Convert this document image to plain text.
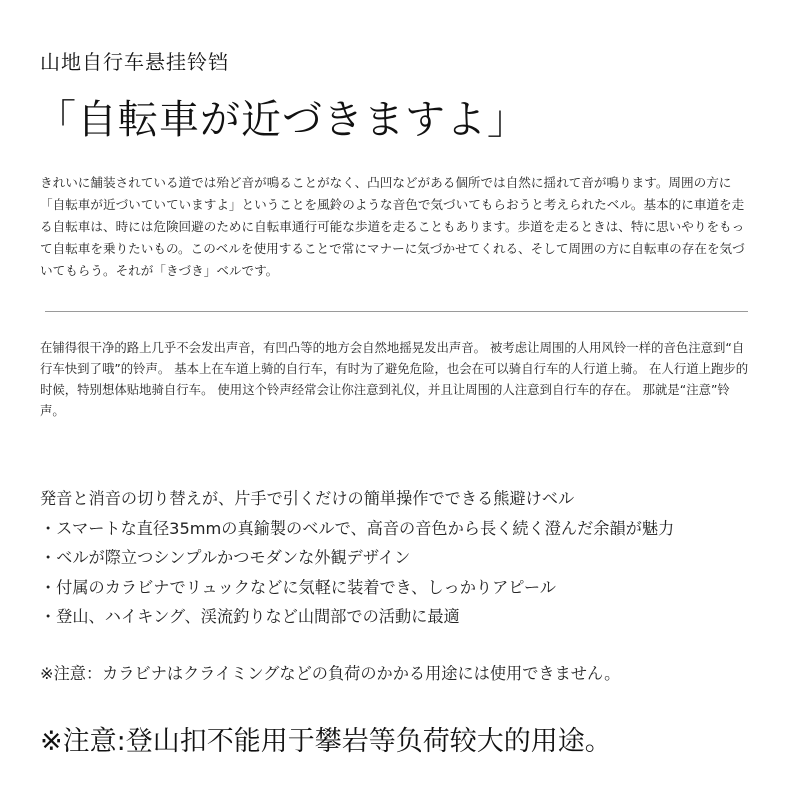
山地自行车悬挂铃铛
「自転車が近づきますよ」

きれいに舗装されている道では殆ど音が鳴ることがなく、凸凹などがある個所では自然に揺れて音が鳴ります。周囲の方に「自転車が近づいていていますよ」ということを風鈴のような音色で気づいてもらおうと考えられたベル。基本的に車道を走る自転車は、時には危険回避のために自転車通行可能な歩道を走ることもあります。歩道を走るときは、特に思いやりをもって自転車を乗りたいもの。このベルを使用することで常にマナーに気づかせてくれる、そして周囲の方に自転車の存在を気づいてもらう。それが「きづき」ベルです。

在铺得很干净的路上几乎不会发出声音，有凹凸等的地方会自然地摇晃发出声音。 被考虑让周围的人用风铃一样的音色注意到“自行车快到了哦”的铃声。 基本上在车道上骑的自行车，有时为了避免危险，也会在可以骑自行车的人行道上骑。 在人行道上跑步的时候，特别想体贴地骑自行车。 使用这个铃声经常会让你注意到礼仪，并且让周围的人注意到自行车的存在。 那就是“注意”铃声。

発音と消音の切り替えが、片手で引くだけの簡単操作でできる熊避けベル
・スマートな直径35mmの真鍮製のベルで、高音の音色から長く続く澄んだ余韻が魅力
・ベルが際立つシンプルかつモダンな外観デザイン
・付属のカラビナでリュックなどに気軽に装着でき、しっかりアピール
・登山、ハイキング、渓流釣りなど山間部での活動に最適
※注意：カラビナはクライミングなどの負荷のかかる用途には使用できません。
※注意:登山扣不能用于攀岩等负荷较大的用途。
